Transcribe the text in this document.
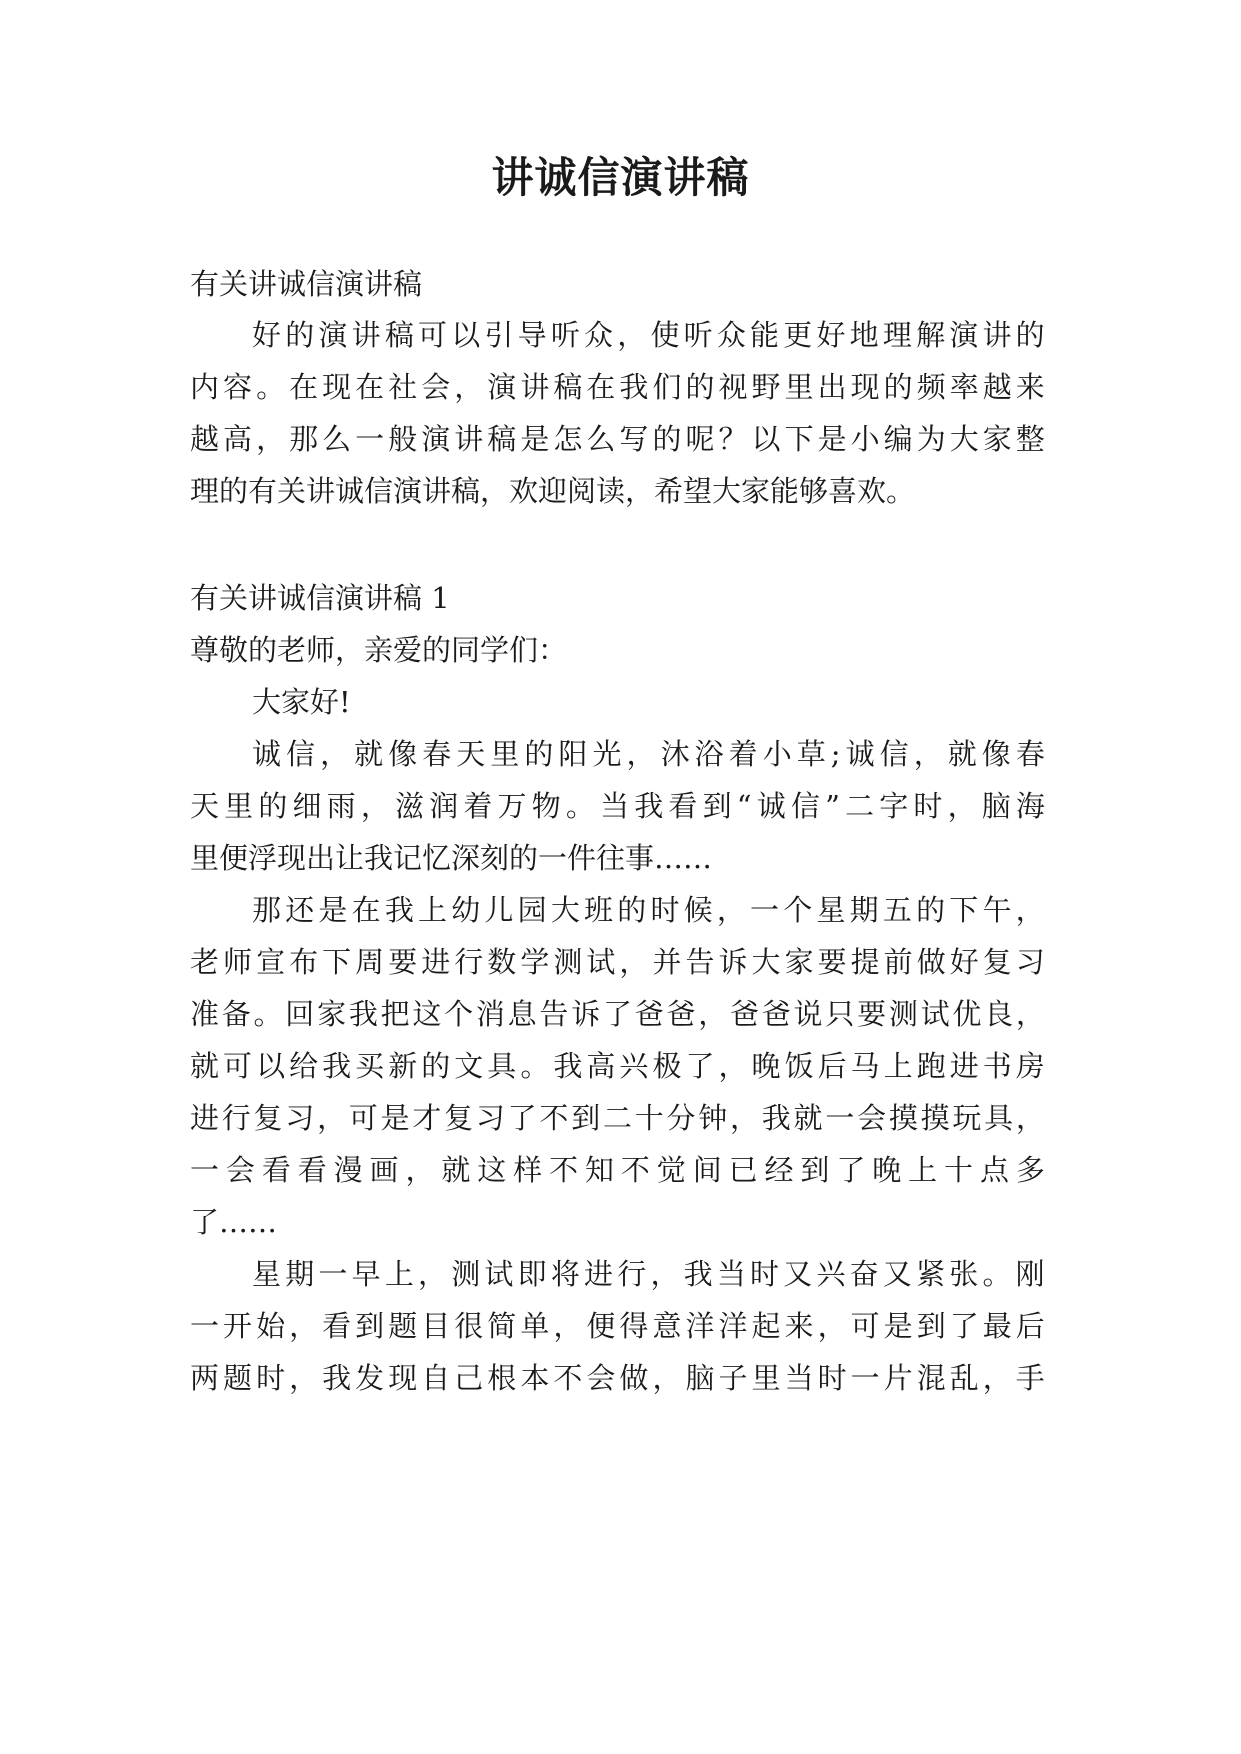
讲诚信演讲稿
有关讲诚信演讲稿
好 的 演 讲 稿 可 以 引 导 听 众 ， 使 听 众 能 更 好 地 理 解 演 讲 的
内 容 。 在 现 在 社 会 ， 演 讲 稿 在 我 们 的 视 野 里 出 现 的 频 率 越 来
越 高 ， 那 么 一 般 演 讲 稿 是 怎 么 写 的 呢 ？ 以 下 是 小 编 为 大 家 整
理的有关讲诚信演讲稿，欢迎阅读，希望大家能够喜欢。
有关讲诚信演讲稿 1
尊敬的老师，亲爱的同学们：
大家好!
诚 信 ， 就 像 春 天 里 的 阳 光 ， 沐 浴 着 小 草 ; 诚 信 ， 就 像 春
天 里 的 细 雨 ， 滋 润 着 万 物 。 当 我 看 到 “ 诚 信 ” 二 字 时 ， 脑 海
里便浮现出让我记忆深刻的一件往事……
那 还 是 在 我 上 幼 儿 园 大 班 的 时 候 ， 一 个 星 期 五 的 下 午 ，
老 师 宣 布 下 周 要 进 行 数 学 测 试 ， 并 告 诉 大 家 要 提 前 做 好 复 习
准 备 。 回 家 我 把 这 个 消 息 告 诉 了 爸 爸 ， 爸 爸 说 只 要 测 试 优 良 ，
就 可 以 给 我 买 新 的 文 具 。 我 高 兴 极 了 ， 晚 饭 后 马 上 跑 进 书 房
进 行 复 习 ， 可 是 才 复 习 了 不 到 二 十 分 钟 ， 我 就 一 会 摸 摸 玩 具 ，
一 会 看 看 漫 画 ， 就 这 样 不 知 不 觉 间 已 经 到 了 晚 上 十 点 多
了……
星 期 一 早 上 ， 测 试 即 将 进 行 ， 我 当 时 又 兴 奋 又 紧 张 。 刚
一 开 始 ， 看 到 题 目 很 简 单 ， 便 得 意 洋 洋 起 来 ， 可 是 到 了 最 后
两 题 时 ， 我 发 现 自 己 根 本 不 会 做 ， 脑 子 里 当 时 一 片 混 乱 ， 手
